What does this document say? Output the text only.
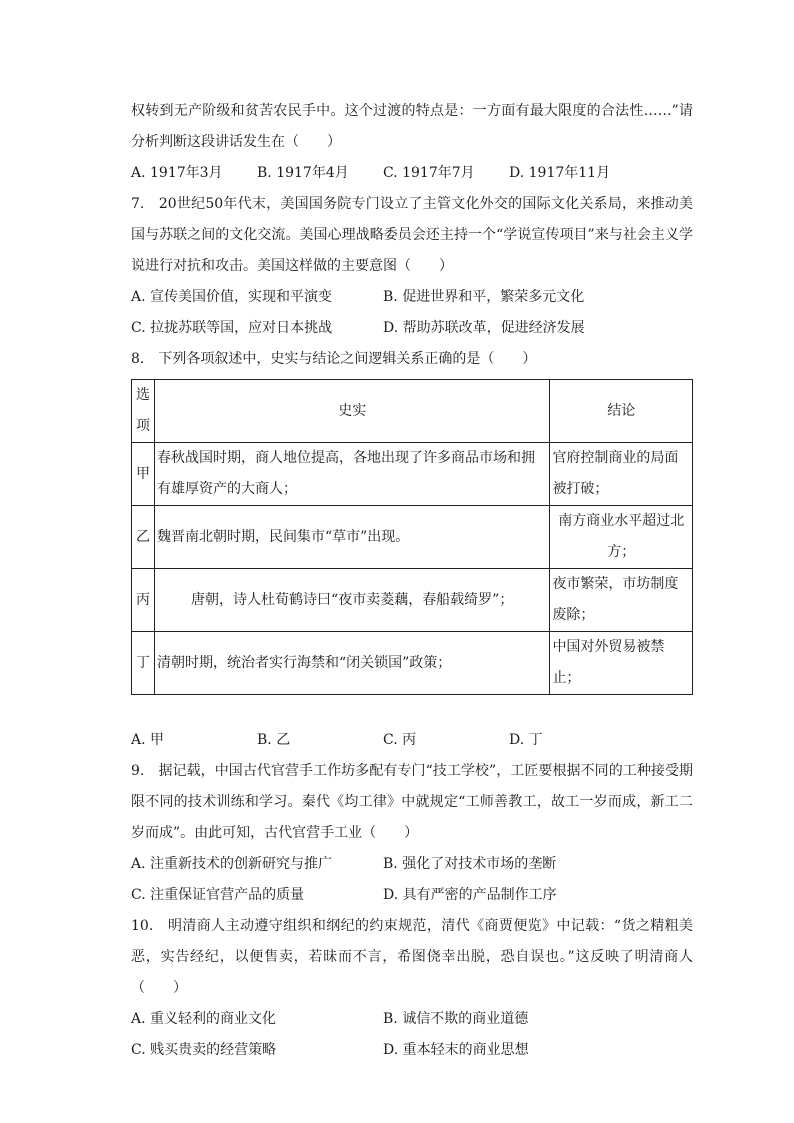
权转到无产阶级和贫苦农民手中。这个过渡的特点是：一方面有最大限度的合法性……”请分析判断这段讲话发生在（　　）

A. 1917年3月	B. 1917年4月	C. 1917年7月	D. 1917年11月

7.　20世纪50年代末，美国国务院专门设立了主管文化外交的国际文化关系局，来推动美国与苏联之间的文化交流。美国心理战略委员会还主持一个“学说宣传项目”来与社会主义学说进行对抗和攻击。美国这样做的主要意图（　　）

A. 宣传美国价值，实现和平演变	B. 促进世界和平，繁荣多元文化
C. 拉拢苏联等国，应对日本挑战	D. 帮助苏联改革，促进经济发展

8.　下列各项叙述中，史实与结论之间逻辑关系正确的是（　　）

选项	史实	结论
甲	春秋战国时期，商人地位提高，各地出现了许多商品市场和拥有雄厚资产的大商人；	官府控制商业的局面被打破；
乙	魏晋南北朝时期，民间集市“草市”出现。	南方商业水平超过北方；
丙	唐朝，诗人杜荀鹤诗曰“夜市卖菱藕，春船载绮罗”；	夜市繁荣，市坊制度废除；
丁	清朝时期，统治者实行海禁和“闭关锁国”政策；	中国对外贸易被禁止；
A. 甲	B. 乙	C. 丙	D. 丁

9.　据记载，中国古代官营手工作坊多配有专门“技工学校”，工匠要根据不同的工种接受期限不同的技术训练和学习。秦代《均工律》中就规定“工师善教工，故工一岁而成，新工二岁而成”。由此可知，古代官营手工业（　　）

A. 注重新技术的创新研究与推广	B. 强化了对技术市场的垄断
C. 注重保证官营产品的质量	D. 具有严密的产品制作工序

10.　明清商人主动遵守组织和纲纪的约束规范，清代《商贾便览》中记载：“货之精粗美恶，实告经纪，以便售卖，若昧而不言，希图侥幸出脱，恐自误也。”这反映了明清商人（　　）

A. 重义轻利的商业文化	B. 诚信不欺的商业道德
C. 贱买贵卖的经营策略	D. 重本轻末的商业思想
